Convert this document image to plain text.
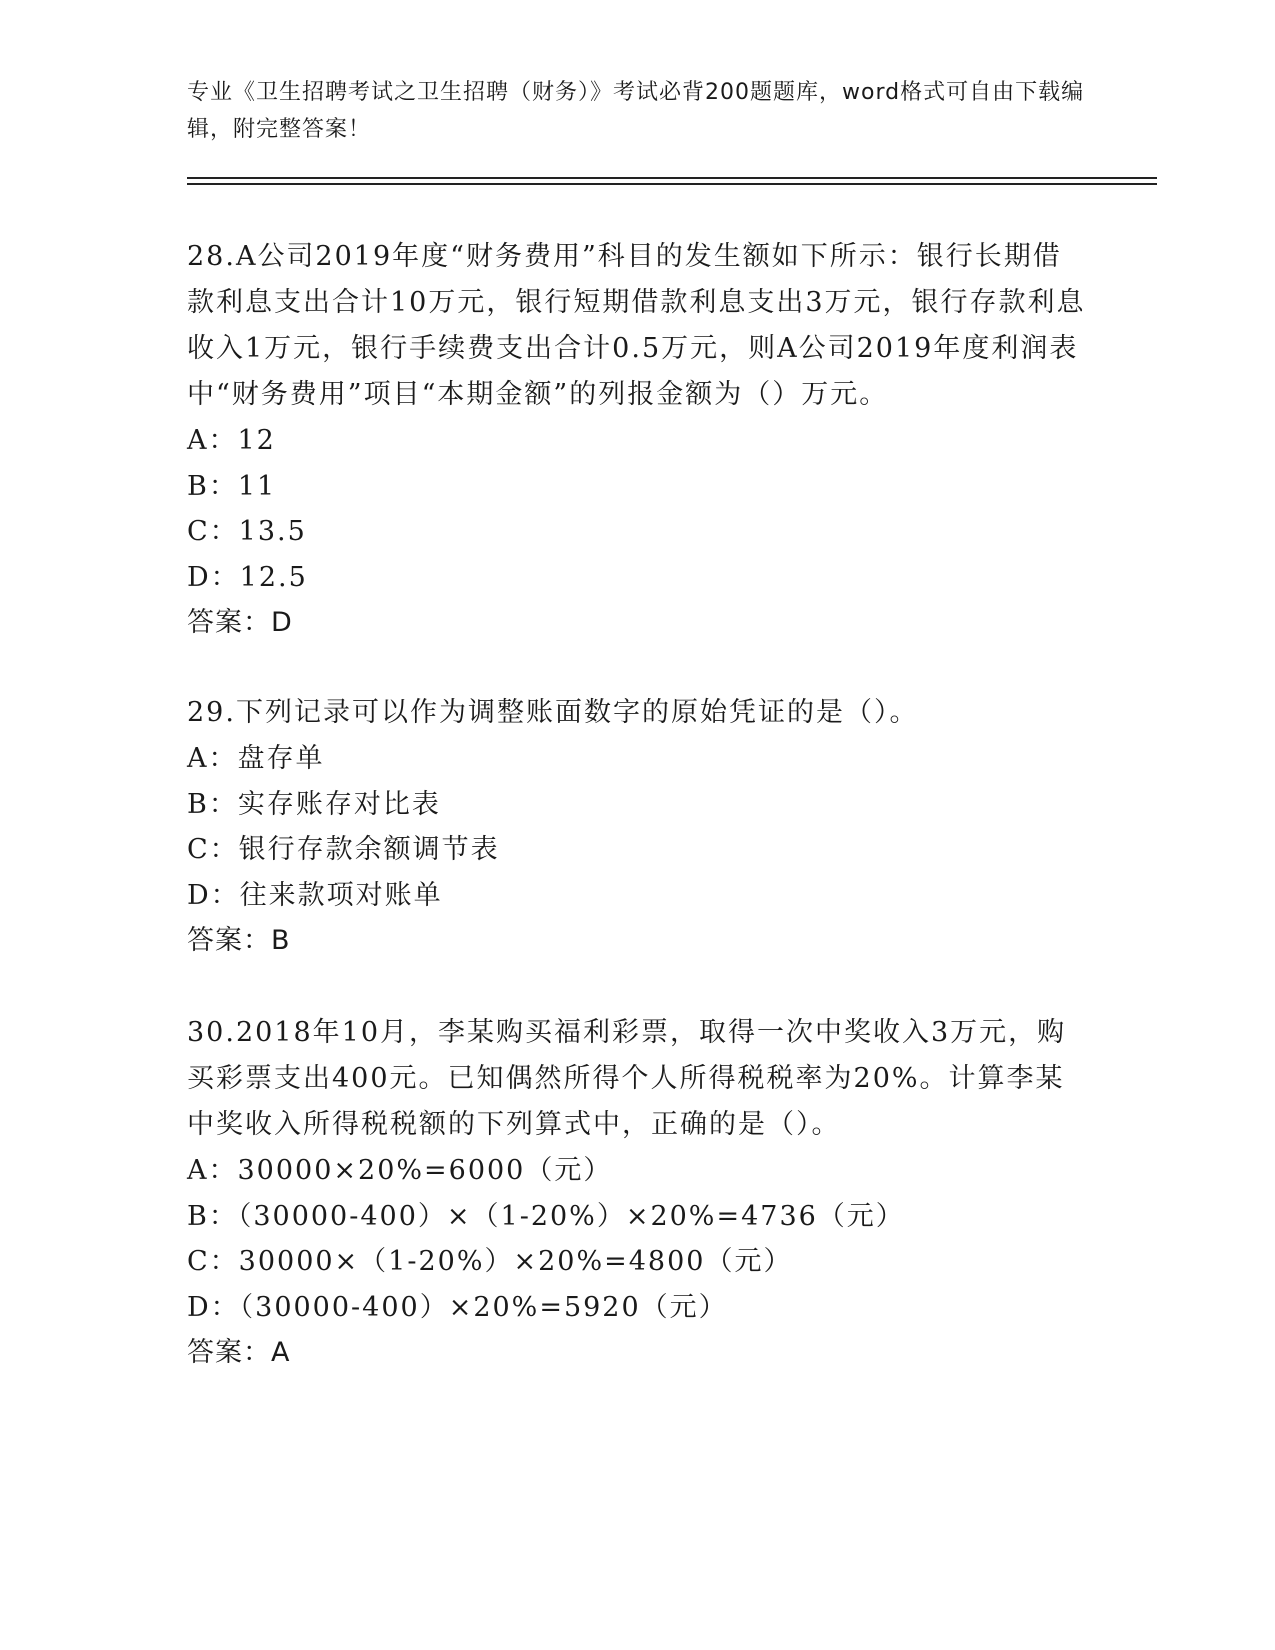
专业《卫生招聘考试之卫生招聘（财务）》考试必背200题题库，word格式可自由下载编辑，附完整答案！

28.A公司2019年度“财务费用”科目的发生额如下所示：银行长期借款利息支出合计10万元，银行短期借款利息支出3万元，银行存款利息收入1万元，银行手续费支出合计0.5万元，则A公司2019年度利润表中“财务费用”项目“本期金额”的列报金额为（）万元。

A：12

B：11

C：13.5

D：12.5

答案：D

29.下列记录可以作为调整账面数字的原始凭证的是（）。

A：盘存单

B：实存账存对比表

C：银行存款余额调节表

D：往来款项对账单

答案：B

30.2018年10月，李某购买福利彩票，取得一次中奖收入3万元，购买彩票支出400元。已知偶然所得个人所得税税率为20%。计算李某中奖收入所得税税额的下列算式中，正确的是（）。

A：30000×20%=6000（元）

B：（30000-400）×（1-20%）×20%=4736（元）

C：30000×（1-20%）×20%=4800（元）

D：（30000-400）×20%=5920（元）

答案：A
